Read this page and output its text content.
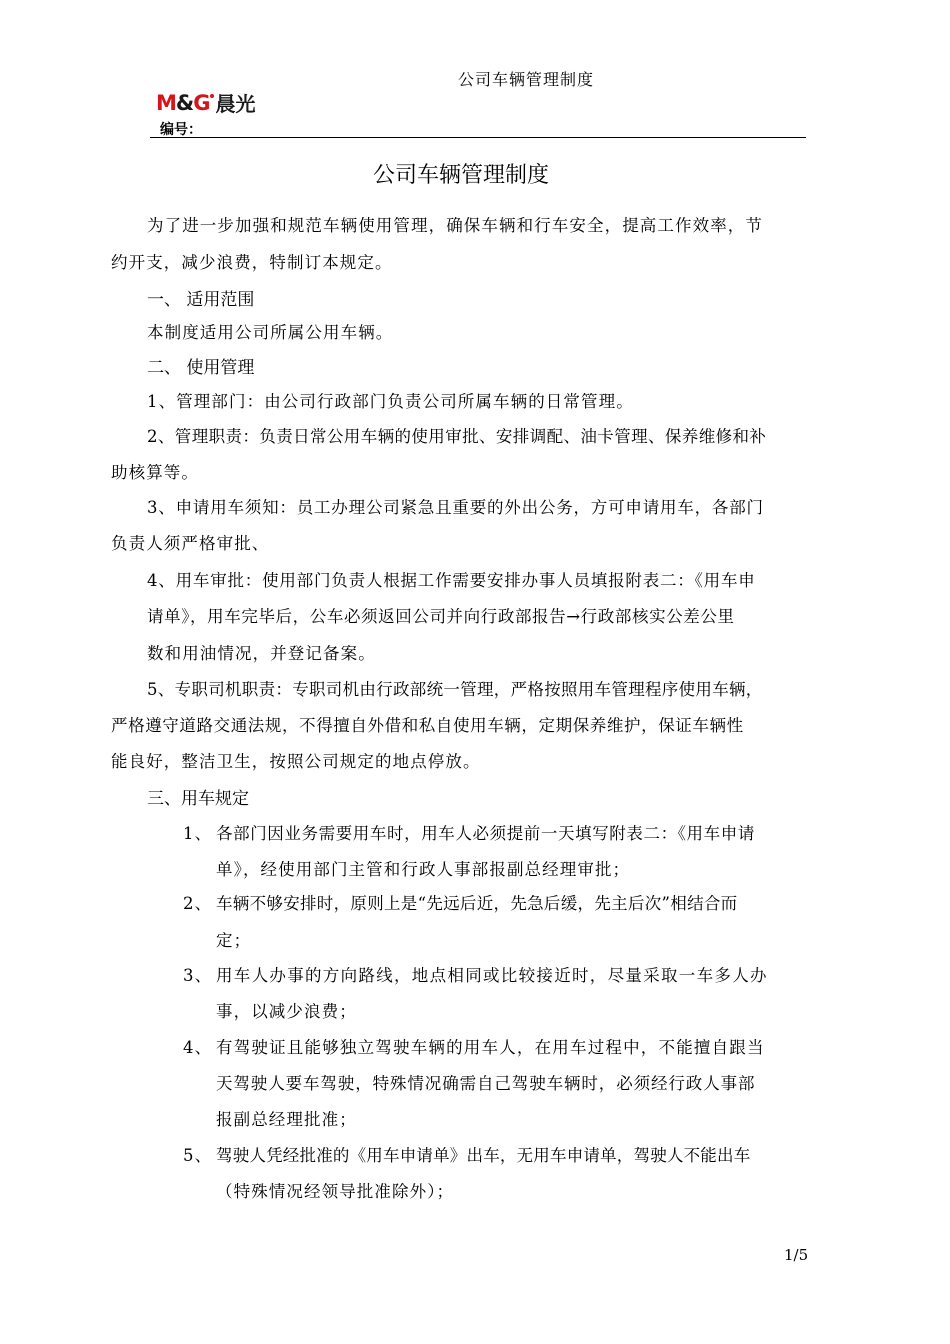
公司车辆管理制度
M&G 晨光
编号：
公司车辆管理制度
为了进一步加强和规范车辆使用管理，确保车辆和行车安全，提高工作效率，节
约开支，减少浪费，特制订本规定。
一、 适用范围
本制度适用公司所属公用车辆。
二、 使用管理
1、管理部门：由公司行政部门负责公司所属车辆的日常管理。
2、管理职责：负责日常公用车辆的使用审批、安排调配、油卡管理、保养维修和补
助核算等。
3、申请用车须知：员工办理公司紧急且重要的外出公务，方可申请用车，各部门
负责人须严格审批、
4、用车审批：使用部门负责人根据工作需要安排办事人员填报附表二：《用车申
请单》，用车完毕后，公车必须返回公司并向行政部报告→行政部核实公差公里
数和用油情况，并登记备案。
5、专职司机职责：专职司机由行政部统一管理，严格按照用车管理程序使用车辆，
严格遵守道路交通法规，不得擅自外借和私自使用车辆，定期保养维护，保证车辆性
能良好，整洁卫生，按照公司规定的地点停放。
三、用车规定
1、 各部门因业务需要用车时，用车人必须提前一天填写附表二：《用车申请
单》，经使用部门主管和行政人事部报副总经理审批；
2、 车辆不够安排时，原则上是“先远后近，先急后缓，先主后次”相结合而
定；
3、 用车人办事的方向路线，地点相同或比较接近时，尽量采取一车多人办
事，以减少浪费；
4、 有驾驶证且能够独立驾驶车辆的用车人，在用车过程中，不能擅自跟当
天驾驶人要车驾驶，特殊情况确需自己驾驶车辆时，必须经行政人事部
报副总经理批准；
5、 驾驶人凭经批准的《用车申请单》出车，无用车申请单，驾驶人不能出车
（特殊情况经领导批准除外）；
1/5
